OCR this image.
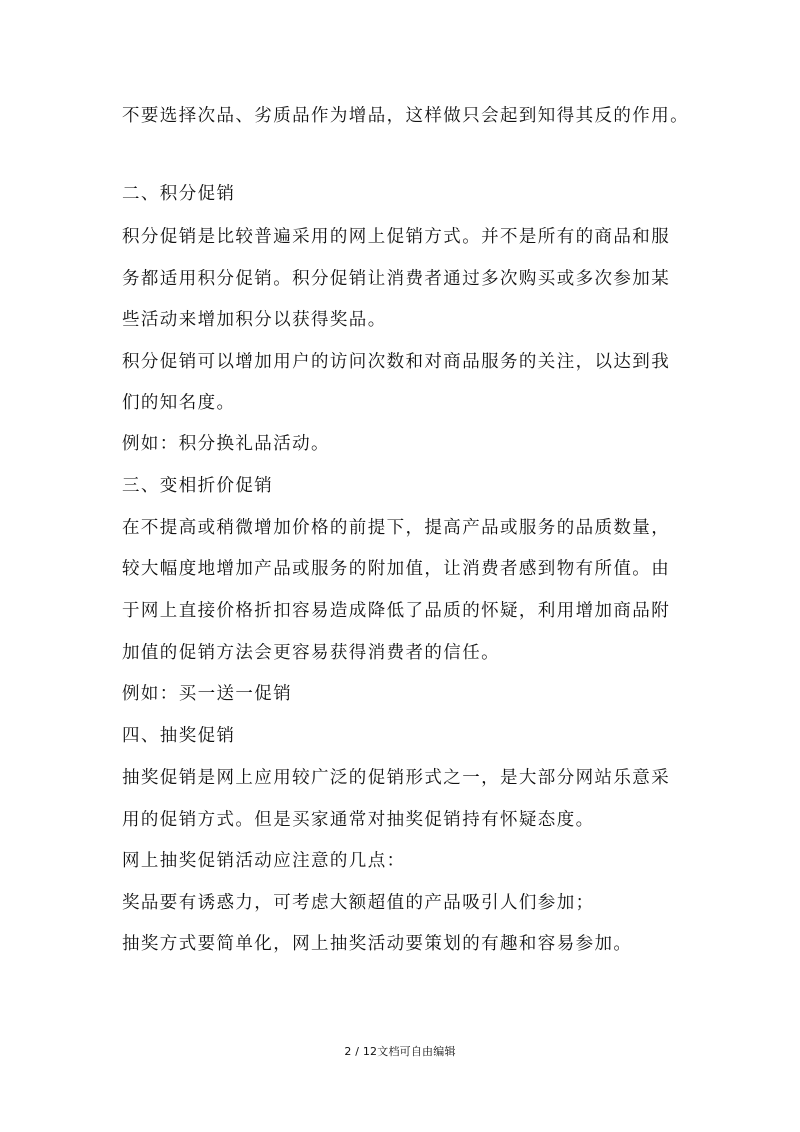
不要选择次品、劣质品作为增品，这样做只会起到知得其反的作用。
二、积分促销
积分促销是比较普遍采用的网上促销方式。并不是所有的商品和服
务都适用积分促销。积分促销让消费者通过多次购买或多次参加某
些活动来增加积分以获得奖品。
积分促销可以增加用户的访问次数和对商品服务的关注，以达到我
们的知名度。
例如：积分换礼品活动。
三、变相折价促销
在不提高或稍微增加价格的前提下，提高产品或服务的品质数量，
较大幅度地增加产品或服务的附加值，让消费者感到物有所值。由
于网上直接价格折扣容易造成降低了品质的怀疑，利用增加商品附
加值的促销方法会更容易获得消费者的信任。
例如：买一送一促销
四、抽奖促销
抽奖促销是网上应用较广泛的促销形式之一，是大部分网站乐意采
用的促销方式。但是买家通常对抽奖促销持有怀疑态度。
网上抽奖促销活动应注意的几点：
奖品要有诱惑力，可考虑大额超值的产品吸引人们参加；
抽奖方式要简单化，网上抽奖活动要策划的有趣和容易参加。
2 / 12文档可自由编辑
